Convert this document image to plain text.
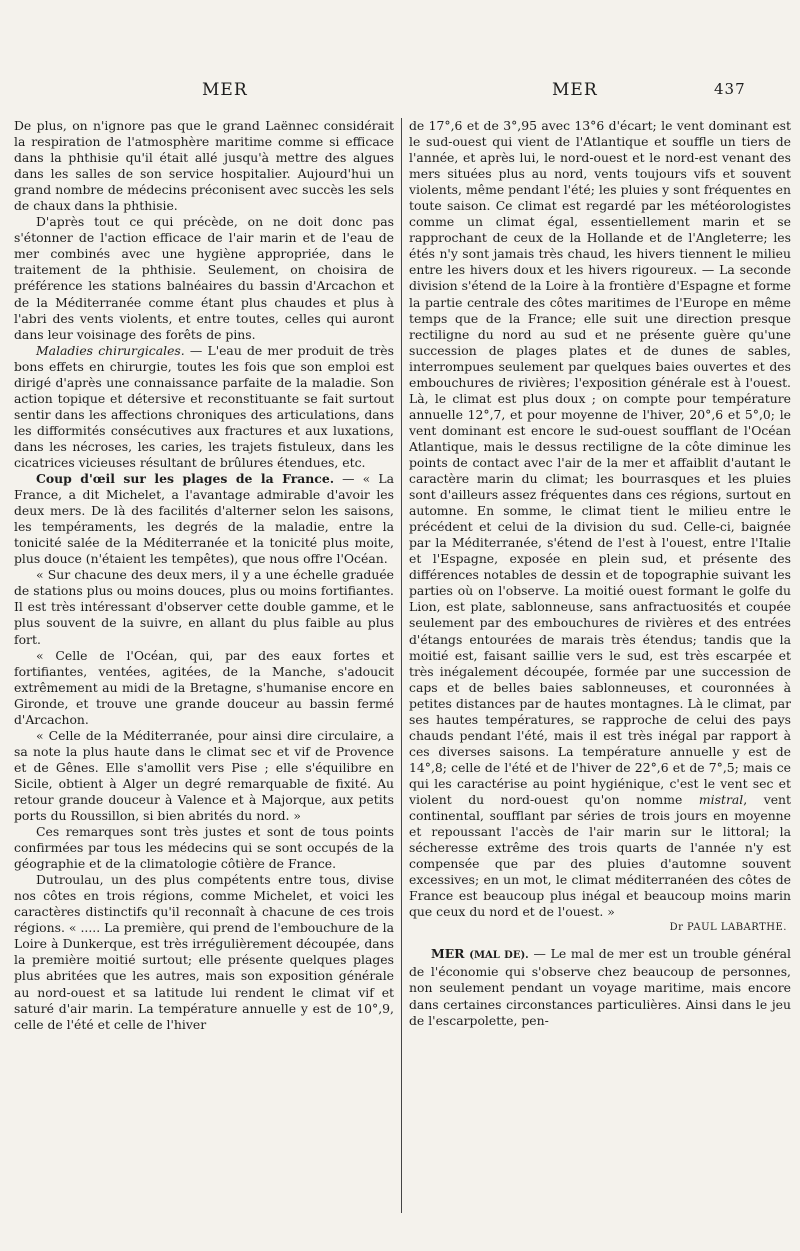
MER	MER	437

De plus, on n'ignore pas que le grand Laënnec considérait la respiration de l'atmosphère maritime comme si efficace dans la phthisie qu'il était allé jusqu'à mettre des algues dans les salles de son service hospitalier. Aujourd'hui un grand nombre de médecins préconisent avec succès les sels de chaux dans la phthisie.

D'après tout ce qui précède, on ne doit donc pas s'étonner de l'action efficace de l'air marin et de l'eau de mer combinés avec une hygiène appropriée, dans le traitement de la phthisie. Seulement, on choisira de préférence les stations balnéaires du bassin d'Arcachon et de la Méditerranée comme étant plus chaudes et plus à l'abri des vents violents, et entre toutes, celles qui auront dans leur voisinage des forêts de pins.

Maladies chirurgicales. — L'eau de mer produit de très bons effets en chirurgie, toutes les fois que son emploi est dirigé d'après une connaissance parfaite de la maladie. Son action topique et détersive et reconstituante se fait surtout sentir dans les affections chroniques des articulations, dans les difformités consécutives aux fractures et aux luxations, dans les nécroses, les caries, les trajets fistuleux, dans les cicatrices vicieuses résultant de brûlures étendues, etc.

Coup d'œil sur les plages de la France. — « La France, a dit Michelet, a l'avantage admirable d'avoir les deux mers. De là des facilités d'alterner selon les saisons, les tempéraments, les degrés de la maladie, entre la tonicité salée de la Méditerranée et la tonicité plus moite, plus douce (n'étaient les tempêtes), que nous offre l'Océan.

« Sur chacune des deux mers, il y a une échelle graduée de stations plus ou moins douces, plus ou moins fortifiantes. Il est très intéressant d'observer cette double gamme, et le plus souvent de la suivre, en allant du plus faible au plus fort.

« Celle de l'Océan, qui, par des eaux fortes et fortifiantes, ventées, agitées, de la Manche, s'adoucit extrêmement au midi de la Bretagne, s'humanise encore en Gironde, et trouve une grande douceur au bassin fermé d'Arcachon.

« Celle de la Méditerranée, pour ainsi dire circulaire, a sa note la plus haute dans le climat sec et vif de Provence et de Gênes. Elle s'amollit vers Pise ; elle s'équilibre en Sicile, obtient à Alger un degré remarquable de fixité. Au retour grande douceur à Valence et à Majorque, aux petits ports du Roussillon, si bien abrités du nord. »

Ces remarques sont très justes et sont de tous points confirmées par tous les médecins qui se sont occupés de la géographie et de la climatologie côtière de France.

Dutroulau, un des plus compétents entre tous, divise nos côtes en trois régions, comme Michelet, et voici les caractères distinctifs qu'il reconnaît à chacune de ces trois régions. « ..... La première, qui prend de l'embouchure de la Loire à Dunkerque, est très irrégulièrement découpée, dans la première moitié surtout; elle présente quelques plages plus abritées que les autres, mais son exposition générale au nord-ouest et sa latitude lui rendent le climat vif et saturé d'air marin. La température annuelle y est de 10°,9, celle de l'été et celle de l'hiver

de 17°,6 et de 3°,95 avec 13°6 d'écart; le vent dominant est le sud-ouest qui vient de l'Atlantique et souffle un tiers de l'année, et après lui, le nord-ouest et le nord-est venant des mers situées plus au nord, vents toujours vifs et souvent violents, même pendant l'été; les pluies y sont fréquentes en toute saison. Ce climat est regardé par les météorologistes comme un climat égal, essentiellement marin et se rapprochant de ceux de la Hollande et de l'Angleterre; les étés n'y sont jamais très chaud, les hivers tiennent le milieu entre les hivers doux et les hivers rigoureux. — La seconde division s'étend de la Loire à la frontière d'Espagne et forme la partie centrale des côtes maritimes de l'Europe en même temps que de la France; elle suit une direction presque rectiligne du nord au sud et ne présente guère qu'une succession de plages plates et de dunes de sables, interrompues seulement par quelques baies ouvertes et des embouchures de rivières; l'exposition générale est à l'ouest. Là, le climat est plus doux ; on compte pour température annuelle 12°,7, et pour moyenne de l'hiver, 20°,6 et 5°,0; le vent dominant est encore le sud-ouest soufflant de l'Océan Atlantique, mais le dessus rectiligne de la côte diminue les points de contact avec l'air de la mer et affaiblit d'autant le caractère marin du climat; les bourrasques et les pluies sont d'ailleurs assez fréquentes dans ces régions, surtout en automne. En somme, le climat tient le milieu entre le précédent et celui de la division du sud. Celle-ci, baignée par la Méditerranée, s'étend de l'est à l'ouest, entre l'Italie et l'Espagne, exposée en plein sud, et présente des différences notables de dessin et de topographie suivant les parties où on l'observe. La moitié ouest formant le golfe du Lion, est plate, sablonneuse, sans anfractuosités et coupée seulement par des embouchures de rivières et des entrées d'étangs entourées de marais très étendus; tandis que la moitié est, faisant saillie vers le sud, est très escarpée et très inégalement découpée, formée par une succession de caps et de belles baies sablonneuses, et couronnées à petites distances par de hautes montagnes. Là le climat, par ses hautes températures, se rapproche de celui des pays chauds pendant l'été, mais il est très inégal par rapport à ces diverses saisons. La température annuelle y est de 14°,8; celle de l'été et de l'hiver de 22°,6 et de 7°,5; mais ce qui les caractérise au point hygiénique, c'est le vent sec et violent du nord-ouest qu'on nomme mistral, vent continental, soufflant par séries de trois jours en moyenne et repoussant l'accès de l'air marin sur le littoral; la sécheresse extrême des trois quarts de l'année n'y est compensée que par des pluies d'automne souvent excessives; en un mot, le climat méditerranéen des côtes de France est beaucoup plus inégal et beaucoup moins marin que ceux du nord et de l'ouest. »

Dr PAUL LABARTHE.

MER (MAL DE). — Le mal de mer est un trouble général de l'économie qui s'observe chez beaucoup de personnes, non seulement pendant un voyage maritime, mais encore dans certaines circonstances particulières. Ainsi dans le jeu de l'escarpolette, pen-
